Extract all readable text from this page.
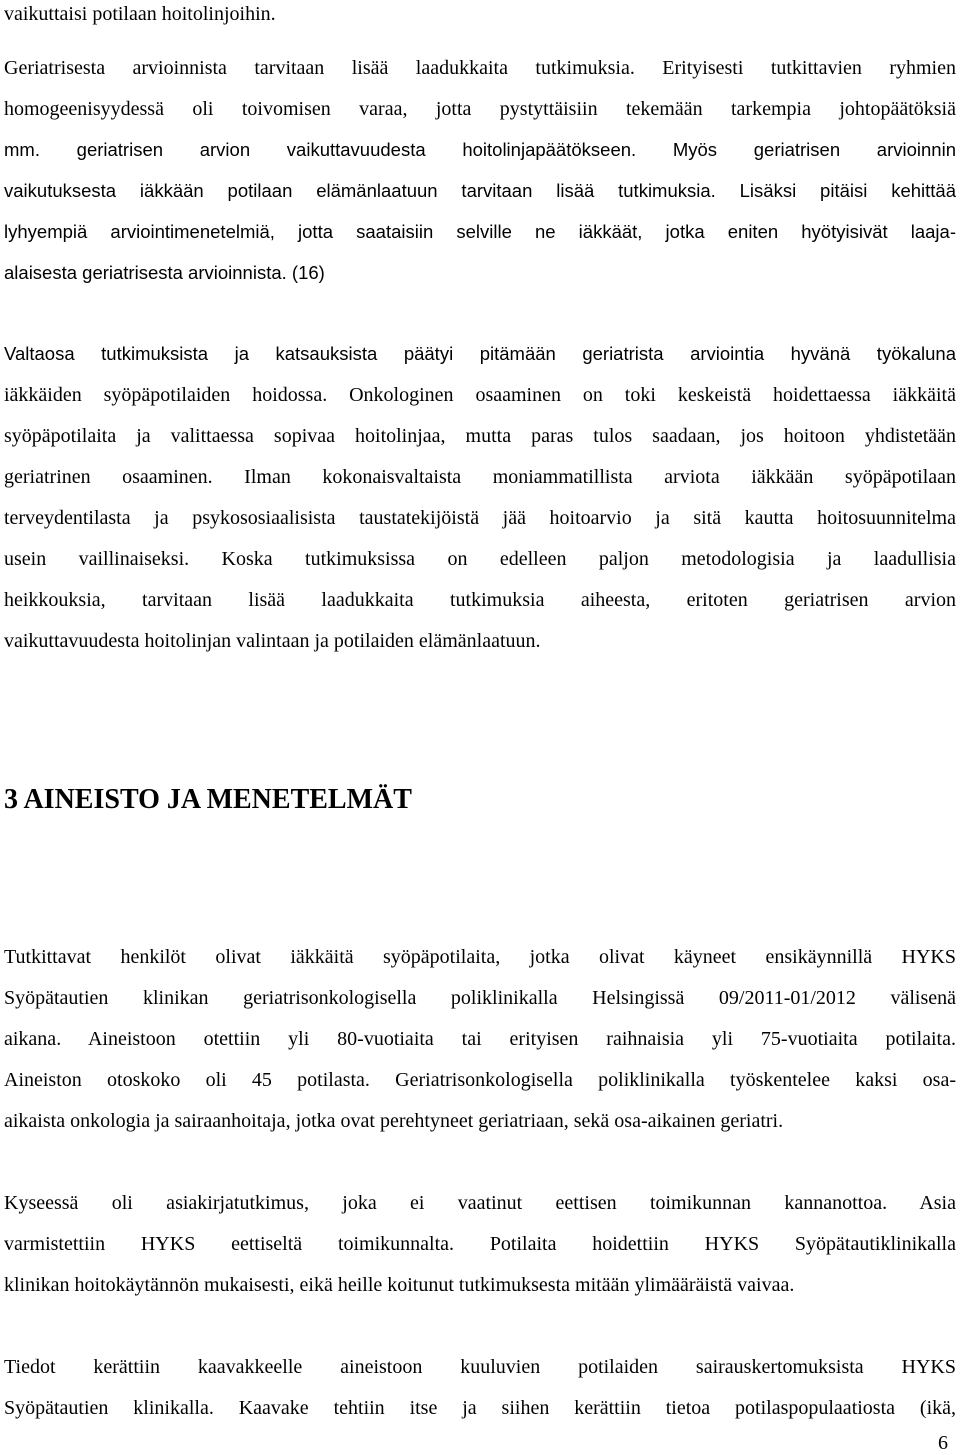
vaikuttaisi potilaan hoitolinjoihin.
Geriatrisesta arvioinnista tarvitaan lisää laadukkaita tutkimuksia. Erityisesti tutkittavien ryhmien
homogeenisyydessä oli toivomisen varaa, jotta pystyttäisiin tekemään tarkempia johtopäätöksiä
mm. geriatrisen arvion vaikuttavuudesta hoitolinjapäätökseen. Myös geriatrisen arvioinnin
vaikutuksesta iäkkään potilaan elämänlaatuun tarvitaan lisää tutkimuksia. Lisäksi pitäisi kehittää
lyhyempiä arviointimenetelmiä, jotta saataisiin selville ne iäkkäät, jotka eniten hyötyisivät laaja-
alaisesta geriatrisesta arvioinnista. (16)
Valtaosa tutkimuksista ja katsauksista päätyi pitämään geriatrista arviointia hyvänä työkaluna
iäkkäiden syöpäpotilaiden hoidossa. Onkologinen osaaminen on toki keskeistä hoidettaessa iäkkäitä
syöpäpotilaita ja valittaessa sopivaa hoitolinjaa, mutta paras tulos saadaan, jos hoitoon yhdistetään
geriatrinen osaaminen. Ilman kokonaisvaltaista moniammatillista arviota iäkkään syöpäpotilaan
terveydentilasta ja psykososiaalisista taustatekijöistä jää hoitoarvio ja sitä kautta hoitosuunnitelma
usein vaillinaiseksi. Koska tutkimuksissa on edelleen paljon metodologisia ja laadullisia
heikkouksia, tarvitaan lisää laadukkaita tutkimuksia aiheesta, eritoten geriatrisen arvion
vaikuttavuudesta hoitolinjan valintaan ja potilaiden elämänlaatuun.
3 AINEISTO JA MENETELMÄT
Tutkittavat henkilöt olivat iäkkäitä syöpäpotilaita, jotka olivat käyneet ensikäynnillä HYKS
Syöpätautien klinikan geriatrisonkologisella poliklinikalla Helsingissä 09/2011-01/2012 välisenä
aikana. Aineistoon otettiin yli 80-vuotiaita tai erityisen raihnaisia yli 75-vuotiaita potilaita.
Aineiston otoskoko oli 45 potilasta. Geriatrisonkologisella poliklinikalla työskentelee kaksi osa-
aikaista onkologia ja sairaanhoitaja, jotka ovat perehtyneet geriatriaan, sekä osa-aikainen geriatri.
Kyseessä oli asiakirjatutkimus, joka ei vaatinut eettisen toimikunnan kannanottoa. Asia
varmistettiin HYKS eettiseltä toimikunnalta. Potilaita hoidettiin HYKS Syöpätautiklinikalla
klinikan hoitokäytännön mukaisesti, eikä heille koitunut tutkimuksesta mitään ylimääräistä vaivaa.
Tiedot kerättiin kaavakkeelle aineistoon kuuluvien potilaiden sairauskertomuksista HYKS
Syöpätautien klinikalla. Kaavake tehtiin itse ja siihen kerättiin tietoa potilaspopulaatiosta (ikä,
6
